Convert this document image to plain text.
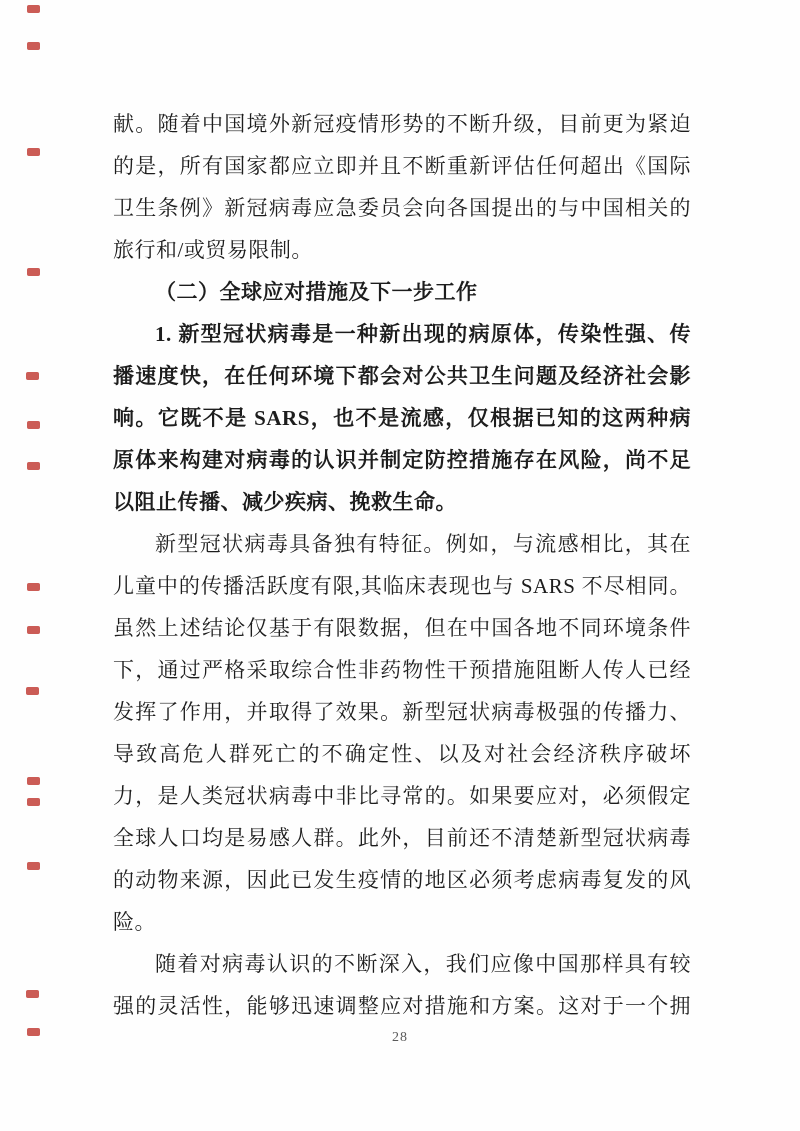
献。随着中国境外新冠疫情形势的不断升级，目前更为紧迫
的是，所有国家都应立即并且不断重新评估任何超出《国际
卫生条例》新冠病毒应急委员会向各国提出的与中国相关的
旅行和/或贸易限制。
（二）全球应对措施及下一步工作
1. 新型冠状病毒是一种新出现的病原体，传染性强、传
播速度快，在任何环境下都会对公共卫生问题及经济社会影
响。它既不是 SARS，也不是流感，仅根据已知的这两种病
原体来构建对病毒的认识并制定防控措施存在风险，尚不足
以阻止传播、减少疾病、挽救生命。
新型冠状病毒具备独有特征。例如，与流感相比，其在
儿童中的传播活跃度有限,其临床表现也与 SARS 不尽相同。
虽然上述结论仅基于有限数据，但在中国各地不同环境条件
下，通过严格采取综合性非药物性干预措施阻断人传人已经
发挥了作用，并取得了效果。新型冠状病毒极强的传播力、
导致高危人群死亡的不确定性、以及对社会经济秩序破坏
力，是人类冠状病毒中非比寻常的。如果要应对，必须假定
全球人口均是易感人群。此外，目前还不清楚新型冠状病毒
的动物来源，因此已发生疫情的地区必须考虑病毒复发的风
险。
随着对病毒认识的不断深入，我们应像中国那样具有较
强的灵活性，能够迅速调整应对措施和方案。这对于一个拥
28
